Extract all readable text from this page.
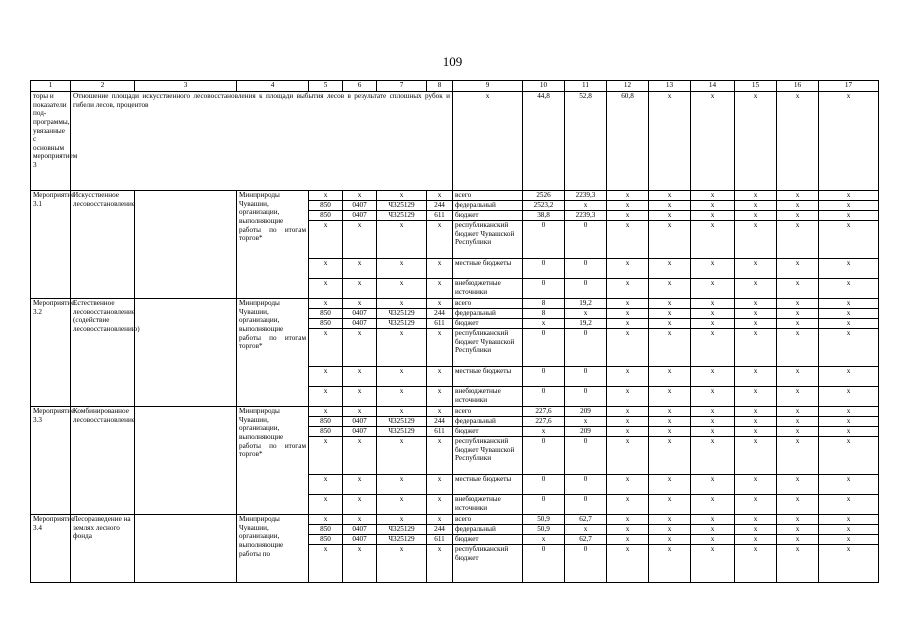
109
1	2	3	4	5	6	7	8	9	10	11	12	13	14	15	16	17
торы и показатели подпрограммы, увязанные с основным мероприятием 3	Отношение площади искусственного лесовосстановления к площади выбытия лесов в результате сплошных рубок и гибели лесов, процентов							x	44,8	52,8	60,8	x	x	x	x	x
Мероприятие 3.1	Искусственное лесовосстановление		Минприроды Чувашии, организации, выполняющие работы по итогам торгов*	x	x	x	x	всего	2526	2239,3	x	x	x	x	x	x
				850	0407	Ч325129	244	федеральный	2523,2	x	x	x	x	x	x	x
				850	0407	Ч325129	611	бюджет	38,8	2239,3	x	x	x	x	x	x
				x	x	x	x	республиканский бюджет Чувашской Республики	0	0	x	x	x	x	x	x
				x	x	x	x	местные бюджеты	0	0	x	x	x	x	x	x
				x	x	x	x	внебюджетные источники	0	0	x	x	x	x	x	x
Мероприятие 3.2	Естественное лесовосстановление (содействие лесовосстановлению)		Минприроды Чувашии, организации, выполняющие работы по итогам торгов*	x	x	x	x	всего	8	19,2	x	x	x	x	x	x
				850	0407	Ч325129	244	федеральный	8	x	x	x	x	x	x	x
				850	0407	Ч325129	611	бюджет	x	19,2	x	x	x	x	x	x
				x	x	x	x	республиканский бюджет Чувашской Республики	0	0	x	x	x	x	x	x
				x	x	x	x	местные бюджеты	0	0	x	x	x	x	x	x
				x	x	x	x	внебюджетные источники	0	0	x	x	x	x	x	x
Мероприятие 3.3	Комбинированное лесовосстановление		Минприроды Чувашии, организации, выполняющие работы по итогам торгов*	x	x	x	x	всего	227,6	209	x	x	x	x	x	x
				850	0407	Ч325129	244	федеральный	227,6	x	x	x	x	x	x	x
				850	0407	Ч325129	611	бюджет	x	209	x	x	x	x	x	x
				x	x	x	x	республиканский бюджет Чувашской Республики	0	0	x	x	x	x	x	x
				x	x	x	x	местные бюджеты	0	0	x	x	x	x	x	x
				x	x	x	x	внебюджетные источники	0	0	x	x	x	x	x	x
Мероприятие 3.4	Лесоразведение на землях лесного фонда		Минприроды Чувашии, организации, выполняющие работы по	x	x	x	x	всего	50,9	62,7	x	x	x	x	x	x
				850	0407	Ч325129	244	федеральный	50,9	x	x	x	x	x	x	x
				850	0407	Ч325129	611	бюджет	x	62,7	x	x	x	x	x	x
				x	x	x	x	республиканский бюджет	0	0	x	x	x	x	x	x
